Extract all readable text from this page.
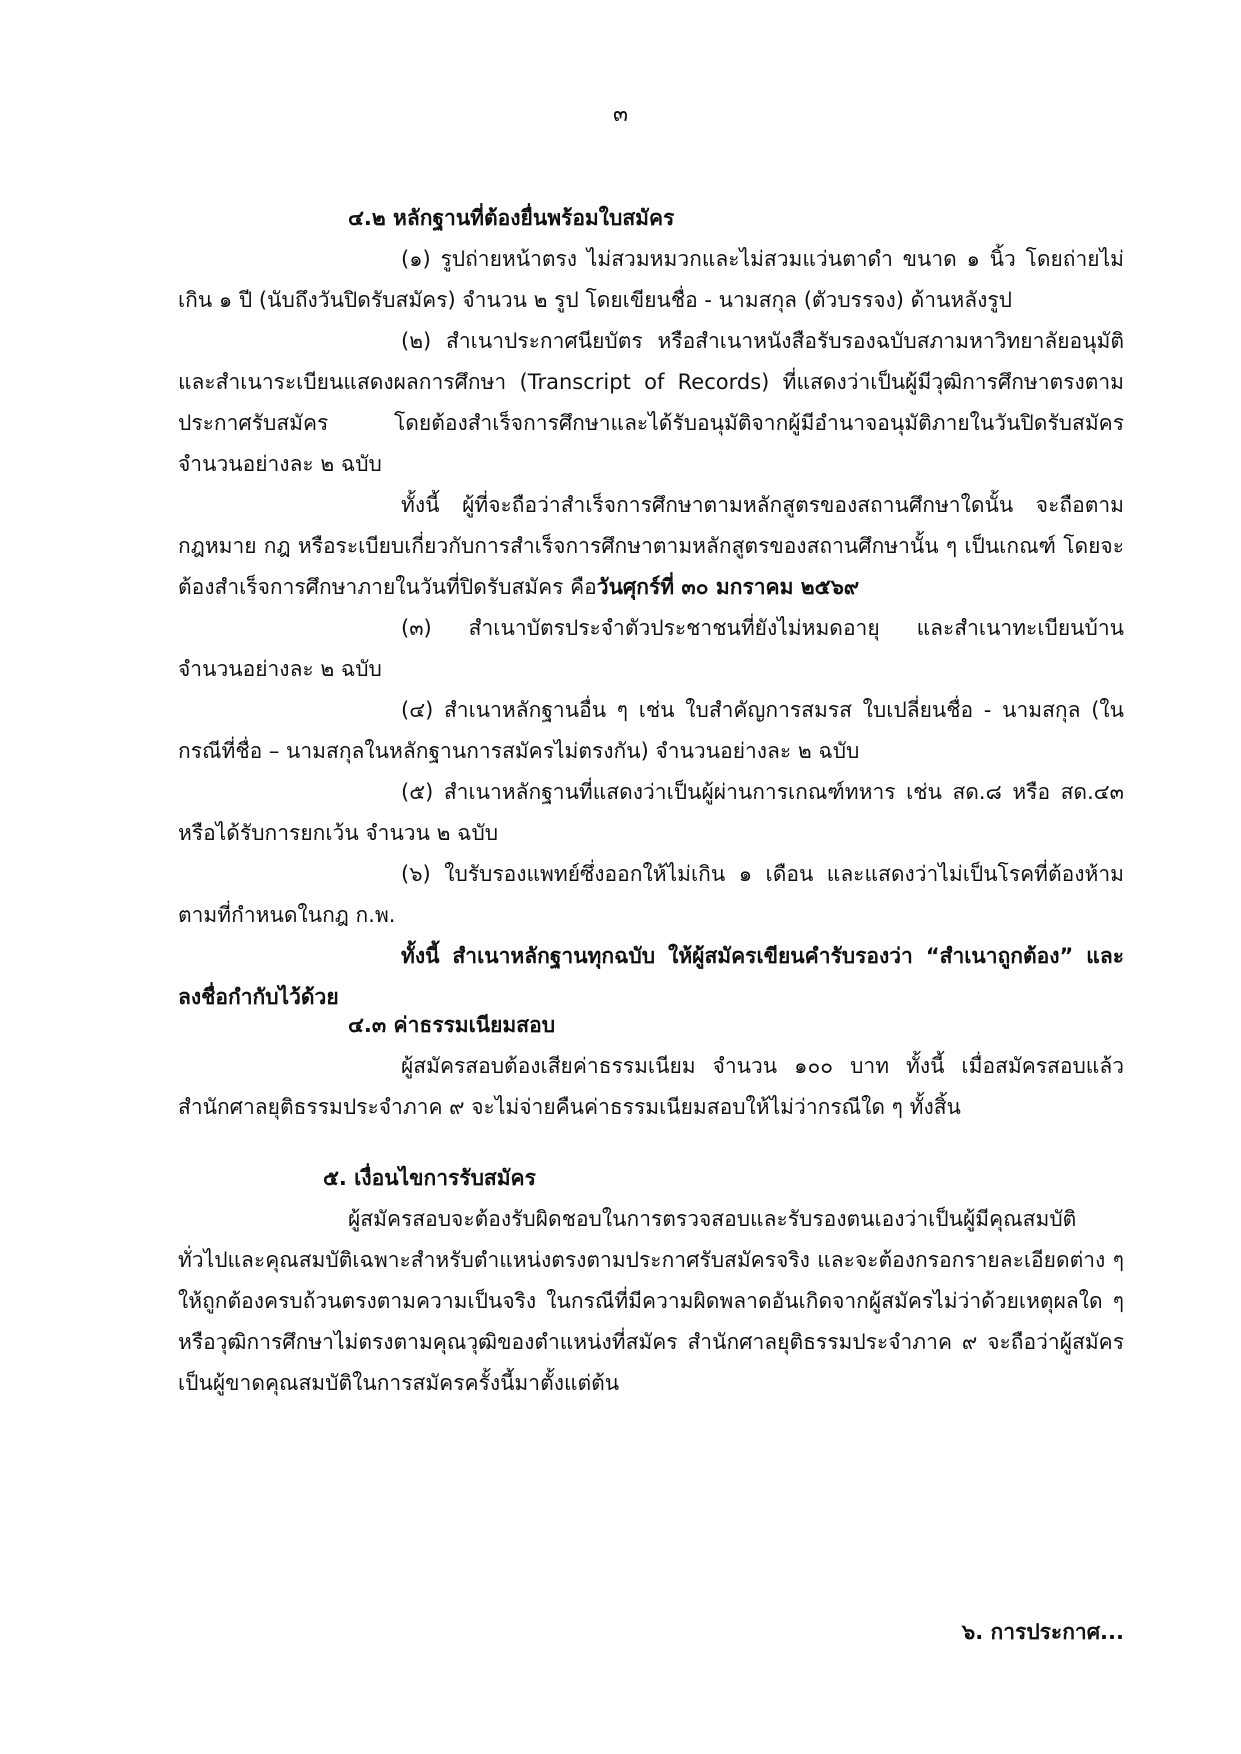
๓

๔.๒ หลักฐานที่ต้องยื่นพร้อมใบสมัคร

(๑) รูปถ่ายหน้าตรง ไม่สวมหมวกและไม่สวมแว่นตาดำ ขนาด ๑ นิ้ว โดยถ่ายไม่เกิน ๑ ปี (นับถึงวันปิดรับสมัคร) จำนวน ๒ รูป โดยเขียนชื่อ - นามสกุล (ตัวบรรจง) ด้านหลังรูป

(๒) สำเนาประกาศนียบัตร หรือสำเนาหนังสือรับรองฉบับสภามหาวิทยาลัยอนุมัติ และสำเนาระเบียนแสดงผลการศึกษา (Transcript of Records) ที่แสดงว่าเป็นผู้มีวุฒิการศึกษาตรงตามประกาศรับสมัคร โดยต้องสำเร็จการศึกษาและได้รับอนุมัติจากผู้มีอำนาจอนุมัติภายในวันปิดรับสมัคร จำนวนอย่างละ ๒ ฉบับ

ทั้งนี้ ผู้ที่จะถือว่าสำเร็จการศึกษาตามหลักสูตรของสถานศึกษาใดนั้น จะถือตามกฎหมาย กฎ หรือระเบียบเกี่ยวกับการสำเร็จการศึกษาตามหลักสูตรของสถานศึกษานั้น ๆ เป็นเกณฑ์ โดยจะต้องสำเร็จการศึกษาภายในวันที่ปิดรับสมัคร คือวันศุกร์ที่ ๓๐ มกราคม ๒๕๖๙

(๓) สำเนาบัตรประจำตัวประชาชนที่ยังไม่หมดอายุ และสำเนาทะเบียนบ้าน จำนวนอย่างละ ๒ ฉบับ

(๔) สำเนาหลักฐานอื่น ๆ เช่น ใบสำคัญการสมรส ใบเปลี่ยนชื่อ - นามสกุล (ในกรณีที่ชื่อ – นามสกุลในหลักฐานการสมัครไม่ตรงกัน) จำนวนอย่างละ ๒ ฉบับ

(๕) สำเนาหลักฐานที่แสดงว่าเป็นผู้ผ่านการเกณฑ์ทหาร เช่น สด.๘ หรือ สด.๔๓ หรือได้รับการยกเว้น จำนวน ๒ ฉบับ

(๖) ใบรับรองแพทย์ซึ่งออกให้ไม่เกิน ๑ เดือน และแสดงว่าไม่เป็นโรคที่ต้องห้าม ตามที่กำหนดในกฎ ก.พ.

ทั้งนี้ สำเนาหลักฐานทุกฉบับ ให้ผู้สมัครเขียนคำรับรองว่า “สำเนาถูกต้อง” และลงชื่อกำกับไว้ด้วย

๔.๓ ค่าธรรมเนียมสอบ

ผู้สมัครสอบต้องเสียค่าธรรมเนียม จำนวน ๑๐๐ บาท ทั้งนี้ เมื่อสมัครสอบแล้ว สำนักศาลยุติธรรมประจำภาค ๙ จะไม่จ่ายคืนค่าธรรมเนียมสอบให้ไม่ว่ากรณีใด ๆ ทั้งสิ้น

๕. เงื่อนไขการรับสมัคร

ผู้สมัครสอบจะต้องรับผิดชอบในการตรวจสอบและรับรองตนเองว่าเป็นผู้มีคุณสมบัติทั่วไปและคุณสมบัติเฉพาะสำหรับตำแหน่งตรงตามประกาศรับสมัครจริง และจะต้องกรอกรายละเอียดต่าง ๆ ให้ถูกต้องครบถ้วนตรงตามความเป็นจริง ในกรณีที่มีความผิดพลาดอันเกิดจากผู้สมัครไม่ว่าด้วยเหตุผลใด ๆ หรือวุฒิการศึกษาไม่ตรงตามคุณวุฒิของตำแหน่งที่สมัคร สำนักศาลยุติธรรมประจำภาค ๙ จะถือว่าผู้สมัครเป็นผู้ขาดคุณสมบัติในการสมัครครั้งนี้มาตั้งแต่ต้น

๖. การประกาศ...
